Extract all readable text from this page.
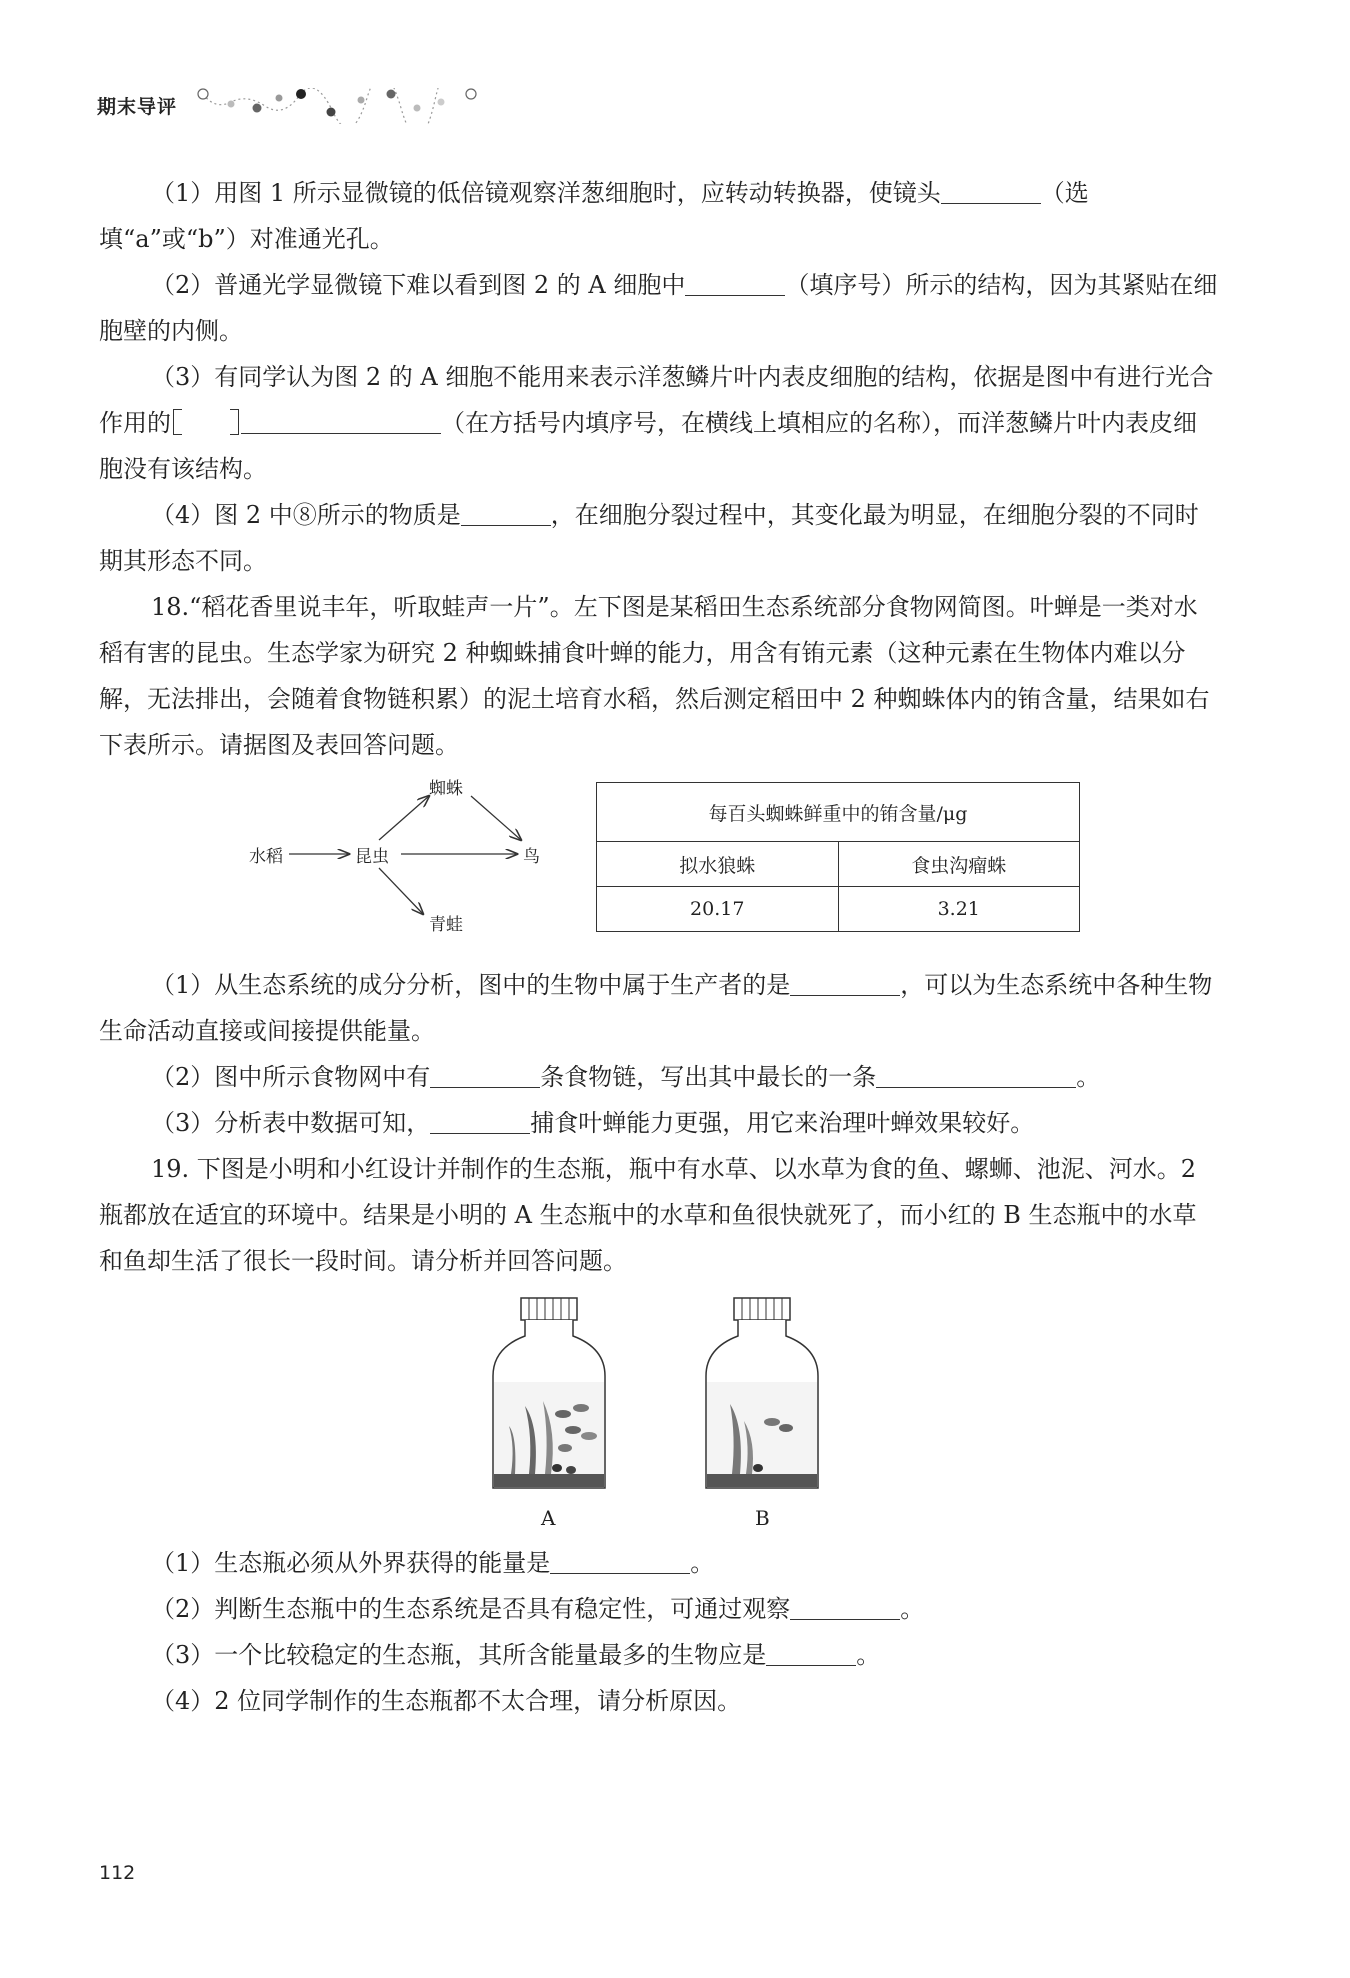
期末导评

（1）用图 1 所示显微镜的低倍镜观察洋葱细胞时，应转动转换器，使镜头	（选填“a”或“b”）对准通光孔。

（2）普通光学显微镜下难以看到图 2 的 A 细胞中	（填序号）所示的结构，因为其紧贴在细胞壁的内侧。

（3）有同学认为图 2 的 A 细胞不能用来表示洋葱鳞片叶内表皮细胞的结构，依据是图中有进行光合作用的	（在方括号内填序号，在横线上填相应的名称），而洋葱鳞片叶内表皮细胞没有该结构。

（4）图 2 中⑧所示的物质是	，在细胞分裂过程中，其变化最为明显，在细胞分裂的不同时期其形态不同。

18.“稻花香里说丰年，听取蛙声一片”。左下图是某稻田生态系统部分食物网简图。叶蝉是一类对水稻有害的昆虫。生态学家为研究 2 种蜘蛛捕食叶蝉的能力，用含有铕元素（这种元素在生物体内难以分解，无法排出，会随着食物链积累）的泥土培育水稻，然后测定稻田中 2 种蜘蛛体内的铕含量，结果如右下表所示。请据图及表回答问题。

水稻	昆虫
蜘蛛
鸟
青蛙
每百头蜘蛛鲜重中的铕含量/μg	
拟水狼蛛	食虫沟瘤蛛
20.17	3.21

（1）从生态系统的成分分析，图中的生物中属于生产者的是	，可以为生态系统中各种生物生命活动直接或间接提供能量。

（2）图中所示食物网中有	条食物链，写出其中最长的一条	。

（3）分析表中数据可知，	捕食叶蝉能力更强，用它来治理叶蝉效果较好。

19. 下图是小明和小红设计并制作的生态瓶，瓶中有水草、以水草为食的鱼、螺蛳、池泥、河水。2 瓶都放在适宜的环境中。结果是小明的 A 生态瓶中的水草和鱼很快就死了，而小红的 B 生态瓶中的水草和鱼却生活了很长一段时间。请分析并回答问题。

A	B

（1）生态瓶必须从外界获得的能量是	。

（2）判断生态瓶中的生态系统是否具有稳定性，可通过观察	。

（3）一个比较稳定的生态瓶，其所含能量最多的生物应是	。

（4）2 位同学制作的生态瓶都不太合理，请分析原因。

112
